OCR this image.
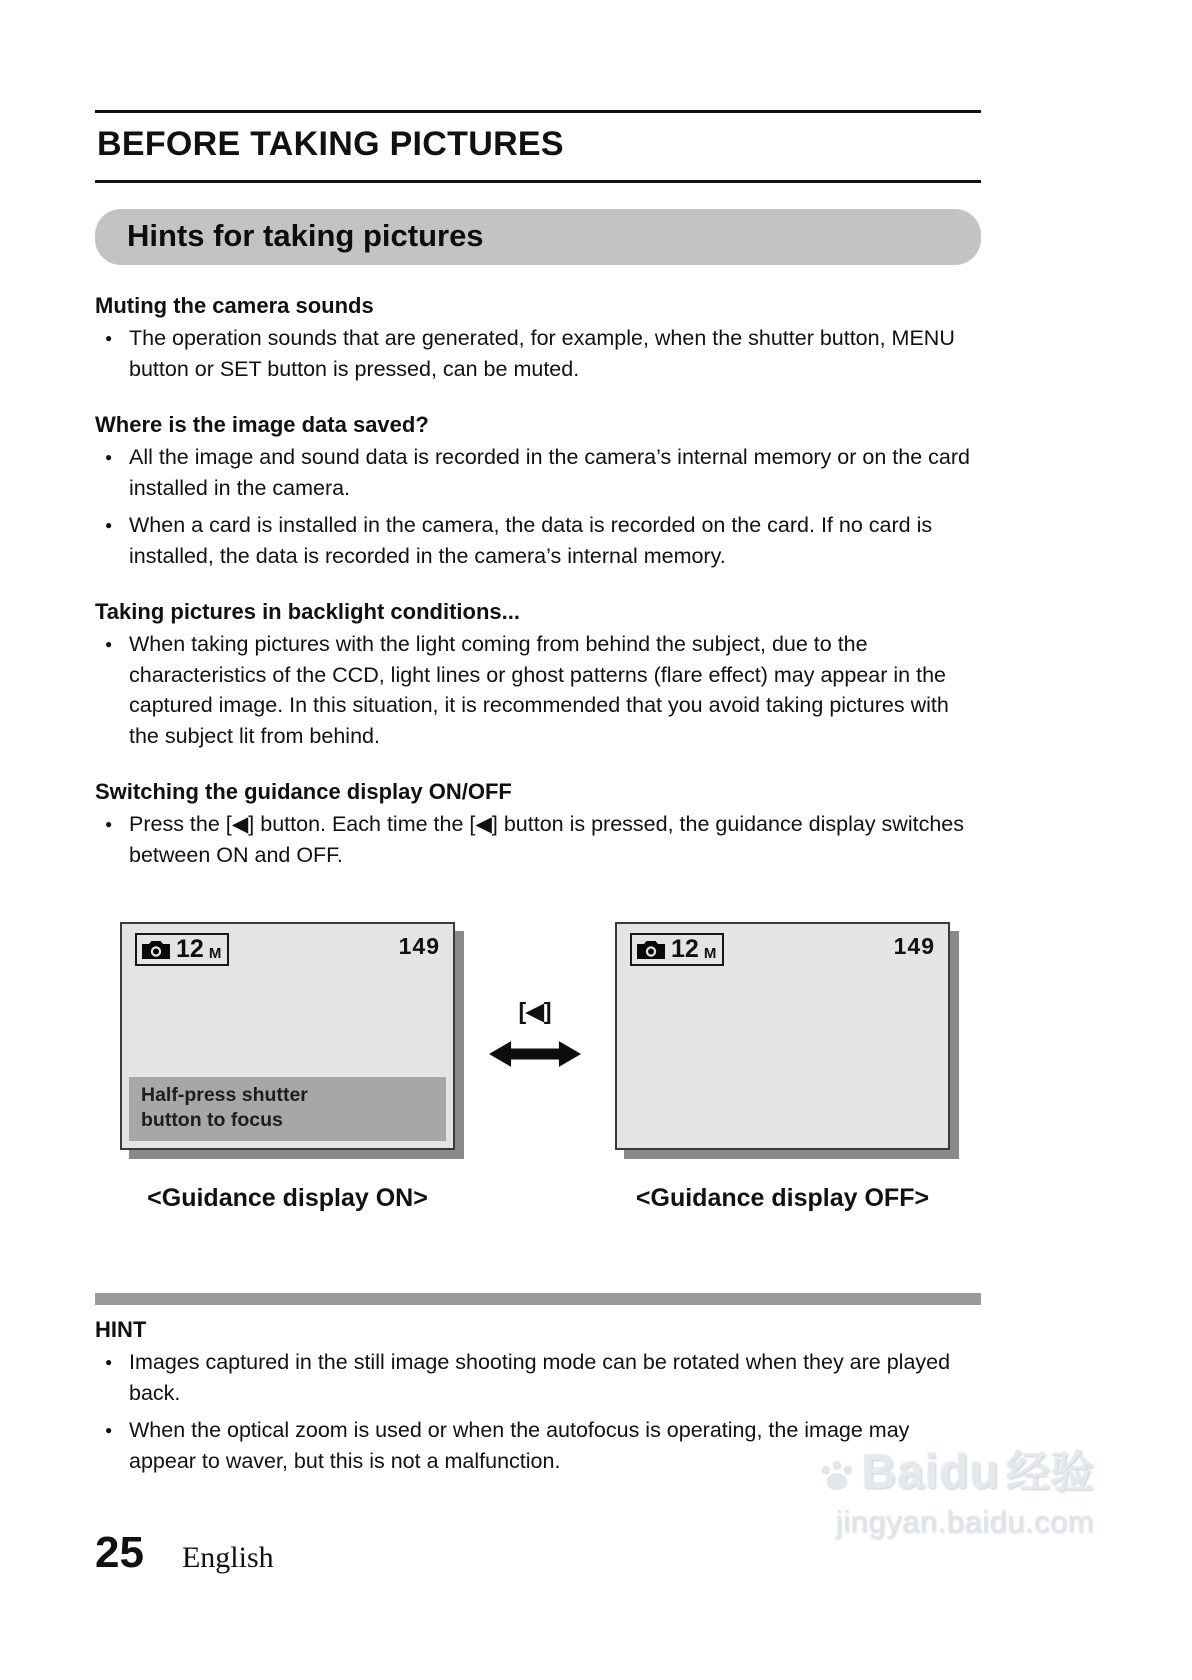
BEFORE TAKING PICTURES
Hints for taking pictures
Muting the camera sounds
● The operation sounds that are generated, for example, when the shutter button, MENU button or SET button is pressed, can be muted.
Where is the image data saved?
● All the image and sound data is recorded in the camera’s internal memory or on the card installed in the camera.
● When a card is installed in the camera, the data is recorded on the card. If no card is installed, the data is recorded in the camera’s internal memory.
Taking pictures in backlight conditions...
● When taking pictures with the light coming from behind the subject, due to the characteristics of the CCD, light lines or ghost patterns (flare effect) may appear in the captured image. In this situation, it is recommended that you avoid taking pictures with the subject lit from behind.
Switching the guidance display ON/OFF
● Press the [◀] button. Each time the [◀] button is pressed, the guidance display switches between ON and OFF.
12 M	149
Half-press shutter
button to focus
[◀]
12 M	149
<Guidance display ON>	<Guidance display OFF>
HINT
● Images captured in the still image shooting mode can be rotated when they are played back.
● When the optical zoom is used or when the autofocus is operating, the image may appear to waver, but this is not a malfunction.
25 English
Baidu 经验
jingyan.baidu.com
